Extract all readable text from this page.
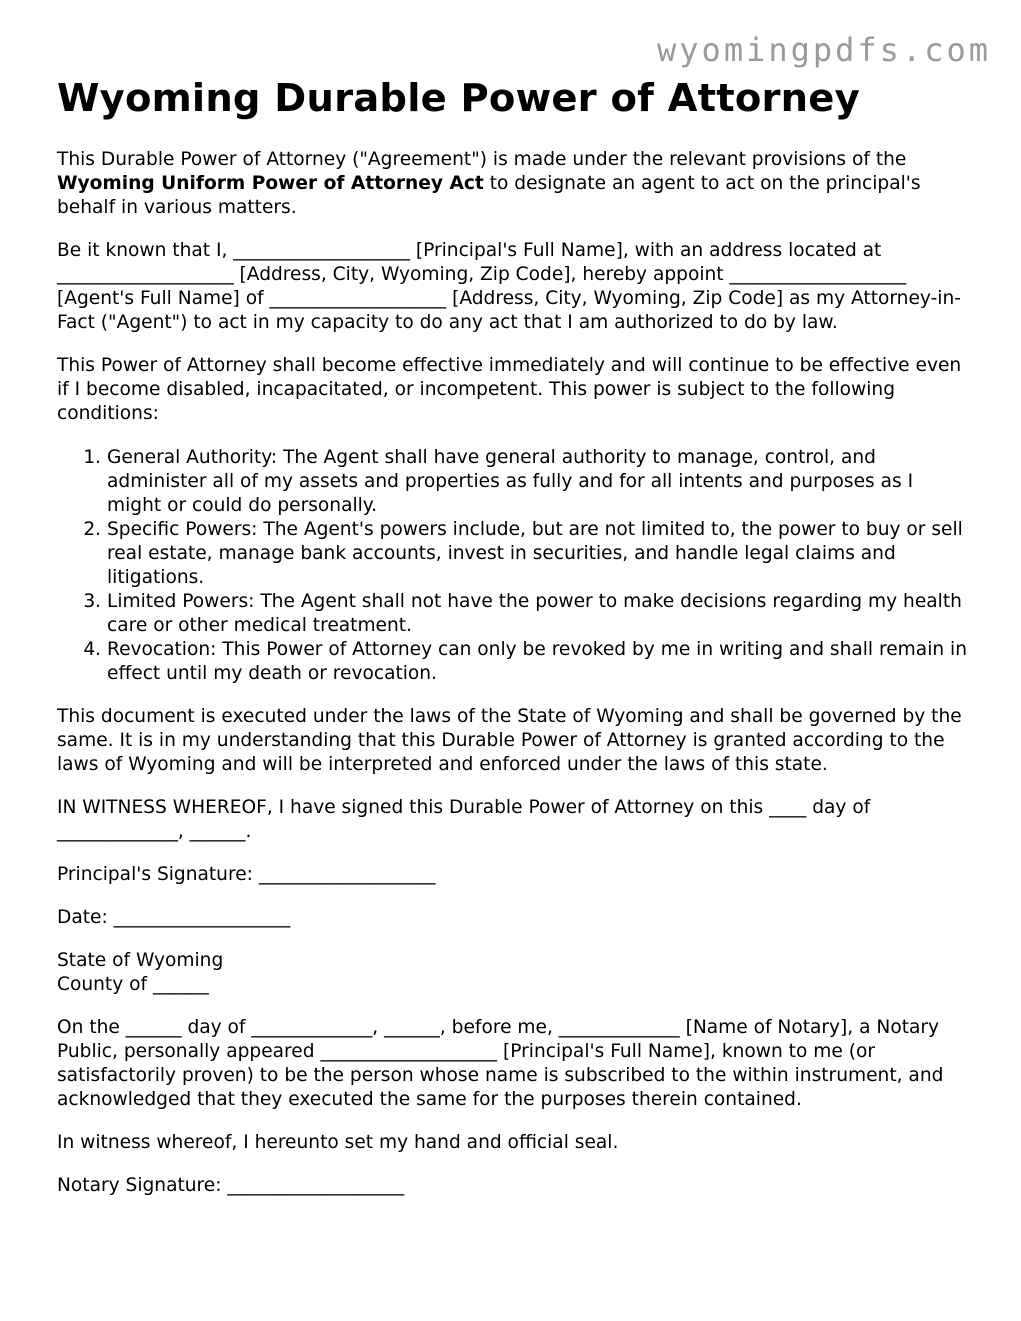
wyomingpdfs.com
Wyoming Durable Power of Attorney

This Durable Power of Attorney ("Agreement") is made under the relevant provisions of the Wyoming Uniform Power of Attorney Act to designate an agent to act on the principal's behalf in various matters.

Be it known that I, ___________________ [Principal's Full Name], with an address located at ___________________ [Address, City, Wyoming, Zip Code], hereby appoint ___________________ [Agent's Full Name] of ___________________ [Address, City, Wyoming, Zip Code] as my Attorney-in-Fact ("Agent") to act in my capacity to do any act that I am authorized to do by law.

This Power of Attorney shall become effective immediately and will continue to be effective even if I become disabled, incapacitated, or incompetent. This power is subject to the following conditions:

1. General Authority: The Agent shall have general authority to manage, control, and administer all of my assets and properties as fully and for all intents and purposes as I might or could do personally.
2. Specific Powers: The Agent's powers include, but are not limited to, the power to buy or sell real estate, manage bank accounts, invest in securities, and handle legal claims and litigations.
3. Limited Powers: The Agent shall not have the power to make decisions regarding my health care or other medical treatment.
4. Revocation: This Power of Attorney can only be revoked by me in writing and shall remain in effect until my death or revocation.

This document is executed under the laws of the State of Wyoming and shall be governed by the same. It is in my understanding that this Durable Power of Attorney is granted according to the laws of Wyoming and will be interpreted and enforced under the laws of this state.

IN WITNESS WHEREOF, I have signed this Durable Power of Attorney on this ____ day of _____________, ______.

Principal's Signature: ___________________

Date: ___________________

State of Wyoming
County of ______

On the ______ day of _____________, ______, before me, _____________ [Name of Notary], a Notary Public, personally appeared ___________________ [Principal's Full Name], known to me (or satisfactorily proven) to be the person whose name is subscribed to the within instrument, and acknowledged that they executed the same for the purposes therein contained.

In witness whereof, I hereunto set my hand and official seal.

Notary Signature: ___________________
